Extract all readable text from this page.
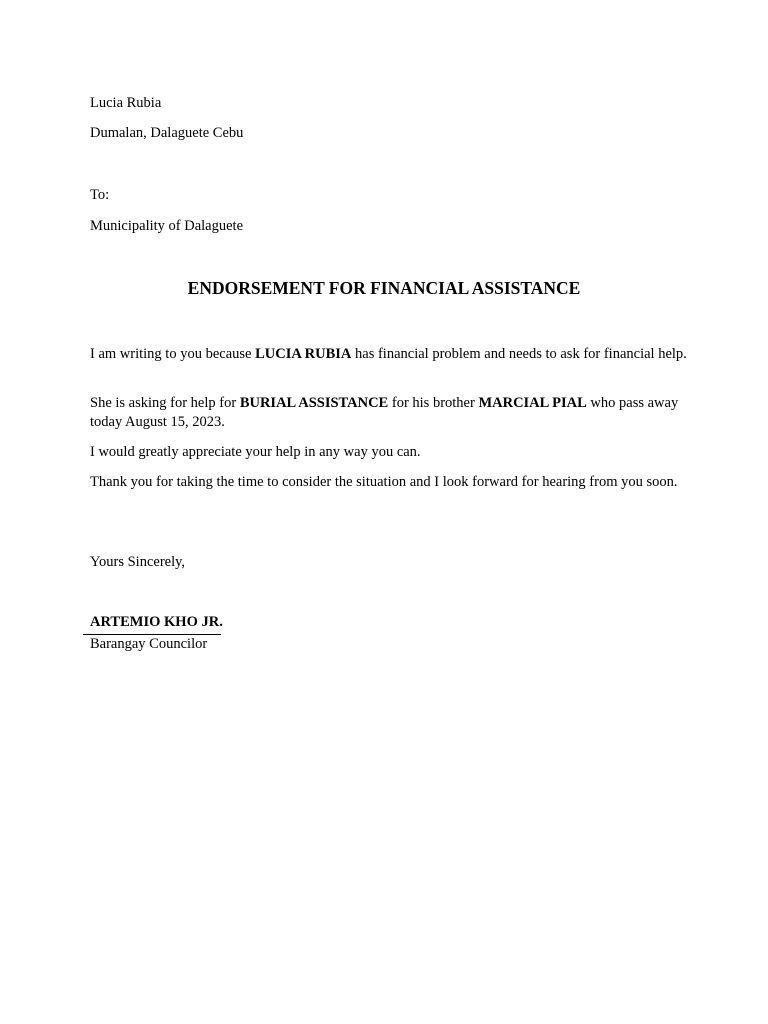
Lucia Rubia
Dumalan, Dalaguete Cebu
To:
Municipality of Dalaguete
ENDORSEMENT FOR FINANCIAL ASSISTANCE
I am writing to you because LUCIA RUBIA has financial problem and needs to ask for financial help.
She is asking for help for BURIAL ASSISTANCE for his brother MARCIAL PIAL who pass away today August 15, 2023.
I would greatly appreciate your help in any way you can.
Thank you for taking the time to consider the situation and I look forward for hearing from you soon.
Yours Sincerely,
ARTEMIO KHO JR.
Barangay Councilor
